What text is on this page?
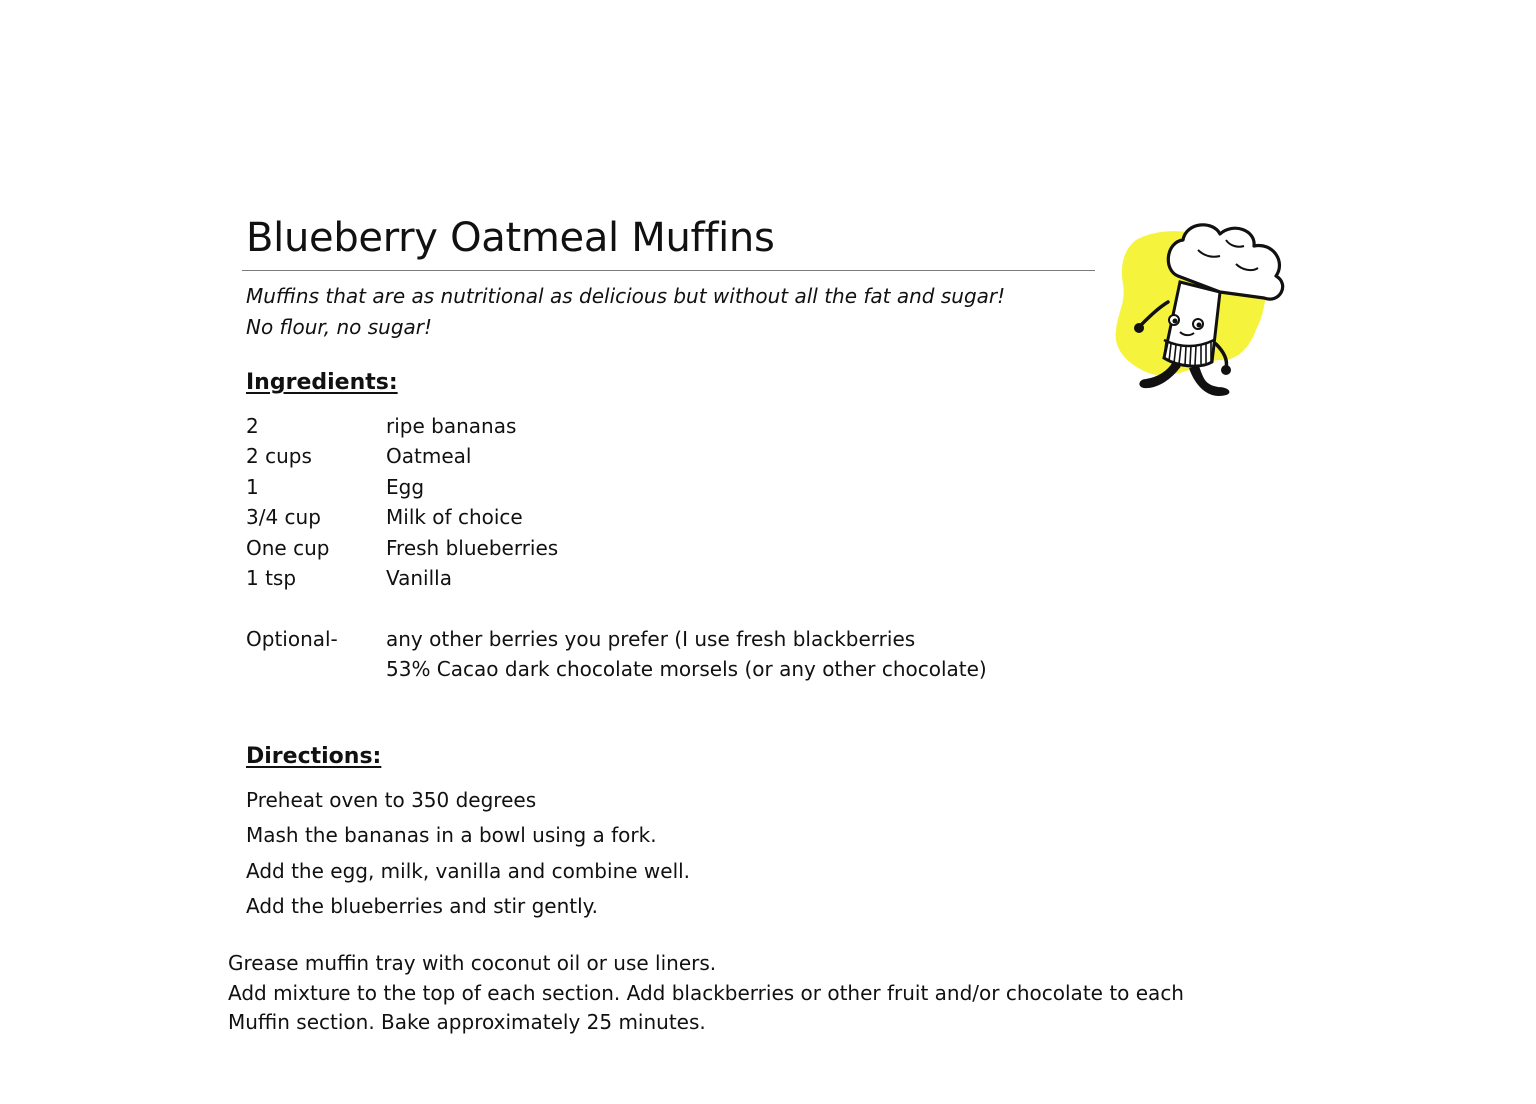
Blueberry Oatmeal Muffins
Muffins that are as nutritional as delicious but without all the fat and sugar!
No flour, no sugar!
Ingredients:
2	ripe bananas
2 cups	Oatmeal
1	Egg
3/4 cup	Milk of choice
One cup	Fresh blueberries
1 tsp	Vanilla
Optional- any other berries you prefer (I use fresh blackberries
53% Cacao dark chocolate morsels (or any other chocolate)
Directions:
Preheat oven to 350 degrees
Mash the bananas in a bowl using a fork.
Add the egg, milk, vanilla and combine well.
Add the blueberries and stir gently.
Grease muffin tray with coconut oil or use liners.
Add mixture to the top of each section. Add blackberries or other fruit and/or chocolate to each
Muffin section. Bake approximately 25 minutes.
